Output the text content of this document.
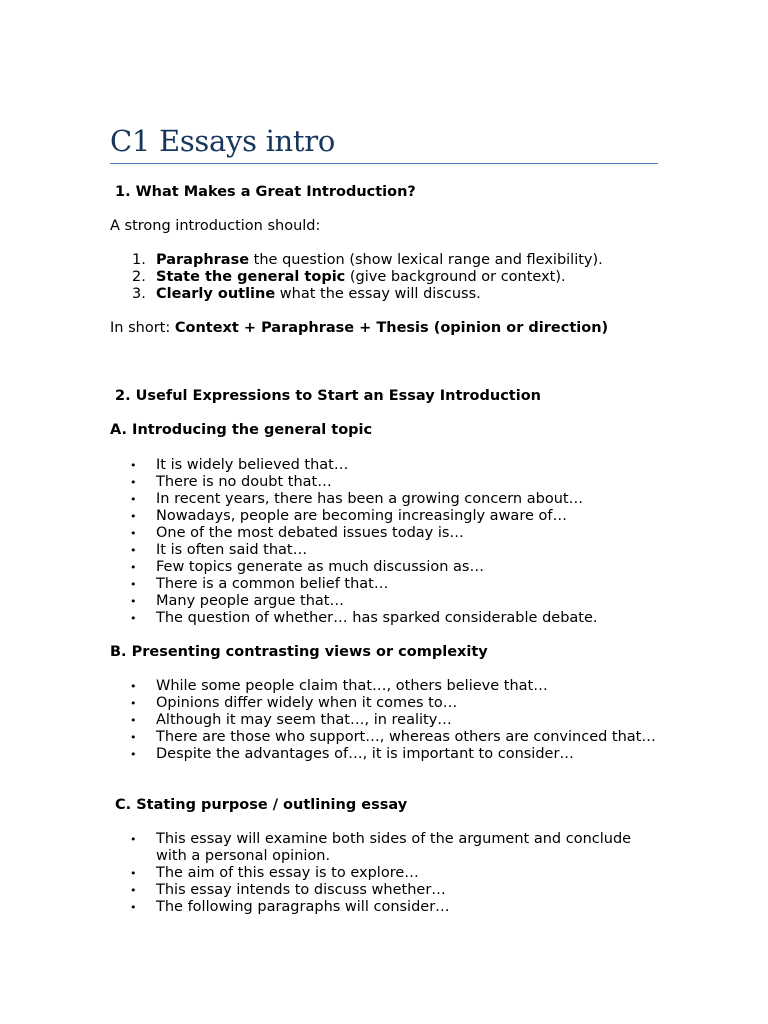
C1 Essays intro

1. What Makes a Great Introduction?

A strong introduction should:

1. Paraphrase the question (show lexical range and flexibility).
2. State the general topic (give background or context).
3. Clearly outline what the essay will discuss.

In short: Context + Paraphrase + Thesis (opinion or direction)

2. Useful Expressions to Start an Essay Introduction

A. Introducing the general topic

• It is widely believed that…
• There is no doubt that…
• In recent years, there has been a growing concern about…
• Nowadays, people are becoming increasingly aware of…
• One of the most debated issues today is…
• It is often said that…
• Few topics generate as much discussion as…
• There is a common belief that…
• Many people argue that…
• The question of whether… has sparked considerable debate.

B. Presenting contrasting views or complexity

• While some people claim that…, others believe that…
• Opinions differ widely when it comes to…
• Although it may seem that…, in reality…
• There are those who support…, whereas others are convinced that…
• Despite the advantages of…, it is important to consider…

C. Stating purpose / outlining essay

• This essay will examine both sides of the argument and conclude with a personal opinion.
• The aim of this essay is to explore…
• This essay intends to discuss whether…
• The following paragraphs will consider…
